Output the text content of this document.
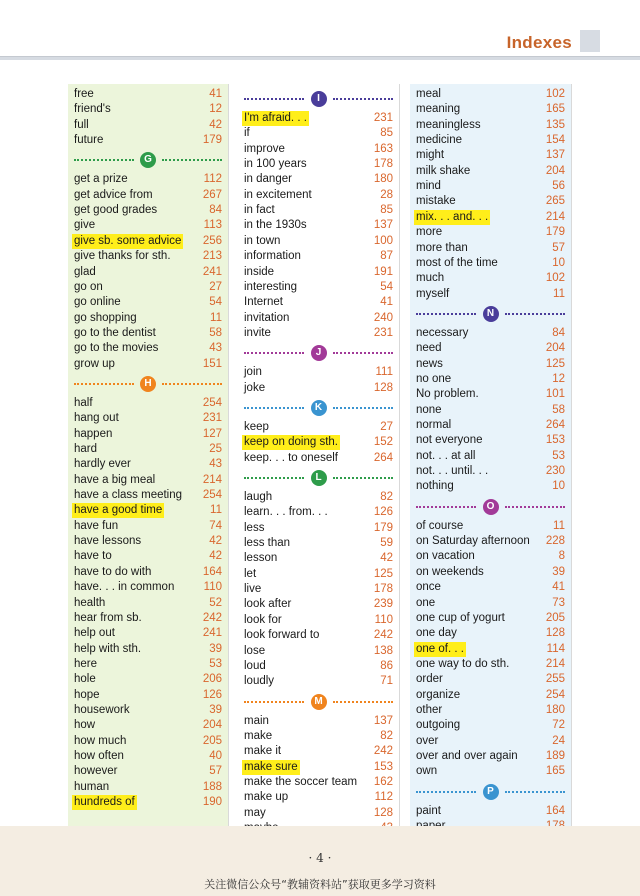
Indexes
free	41
friend's	12
full	42
future	179
G
get a prize	112
get advice from	267
get good grades	84
give	113
give sb. some advice 256
give thanks for sth.	213
glad	241
go on	27
go online	54
go shopping	11
go to the dentist	58
go to the movies	43
grow up	151
H
half	254
hang out	231
happen	127
hard	25
hardly ever	43
have a big meal	214
have a class meeting 254
have a good time	11
have fun	74
have lessons	42
have to	42
have to do with	164
have. . . in common	110
health	52
hear from sb.	242
help out	241
help with sth.	39
here	53
hole	206
hope	126
housework	39
how	204
how much	205
how often	40
however	57
human	188
hundreds of	190
I
I'm afraid. . .	231
if	85
improve	163
in 100 years	178
in danger	180
in excitement	28
in fact	85
in the 1930s	137
in town	100
information	87
inside	191
interesting	54
Internet	41
invitation	240
invite	231
J
join	111
joke	128
K
keep	27
keep on doing sth.	152
keep. . . to oneself	264
L
laugh	82
learn. . . from. . .	126
less	179
less than	59
lesson	42
let	125
live	178
look after	239
look for	110
look forward to	242
lose	138
loud	86
loudly	71
M
main	137
make	82
make it	242
make sure	153
make the soccer team 162
make up	112
may	128
meal	102
meaning	165
meaningless	135
medicine	154
might	137
milk shake	204
mind	56
mistake	265
mix. . . and. . .	214
more	179
more than	57
most of the time	10
much	102
myself	11
N
necessary	84
need	204
news	125
no one	12
No problem.	101
none	58
normal	264
not everyone	153
not. . . at all	53
not. . . until. . .	230
nothing	10
O
of course	11
on Saturday afternoon 228
on vacation	8
on weekends	39
once	41
one	73
one cup of yogurt	205
one day	128
one of. . .	114
one way to do sth.	214
order	255
organize	254
other	180
outgoing	72
over	24
over and over again 189
own	165
P
paint	164
· 4 ·
关注微信公众号“教辅资料站”获取更多学习资料
